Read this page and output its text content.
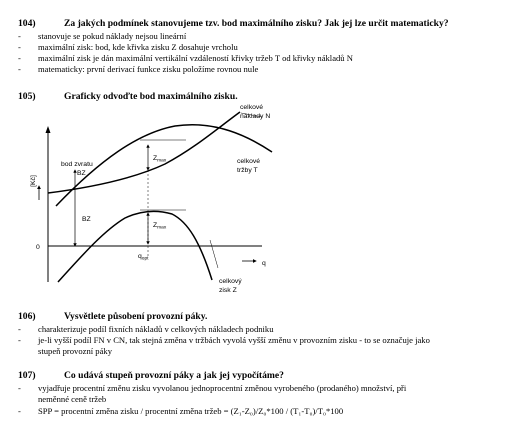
104)	Za jakých podmínek stanovujeme tzv. bod maximálního zisku? Jak jej lze určit matematicky?
- stanovuje se pokud náklady nejsou lineární
- maximální zisk: bod, kde křivka zisku Z dosahuje vrcholu
- maximální zisk je dán maximální vertikální vzdáleností křivky tržeb T od křivky nákladů N
- matematicky: první derivací funkce zisku položíme rovnou nule
105)	Graficky odvoďte bod maximálního zisku.
[Kč]
0
q
$q_{opt}$
bod zvratu
BZ
BZ
$Z_{max}$
$Z_{max}$
celkové
náklady N
celkové
tržby T
celkový
zisk Z
106)	Vysvětlete působení provozní páky.
- charakterizuje podíl fixních nákladů v celkových nákladech podniku
- je-li vyšší podíl FN v CN, tak stejná změna v tržbách vyvolá vyšší změnu v provozním zisku - to se označuje jako
stupeň provozní páky
107)	Co udává stupeň provozní páky a jak jej vypočítáme?
- vyjadřuje procentní změnu zisku vyvolanou jednoprocentní změnou vyrobeného (prodaného) množství, při
neměnné ceně tržeb
- SPP = procentní změna zisku / procentní změna tržeb = (Z₁-Z₀)/Z₀*100 / (T₁-T₀)/T₀*100
